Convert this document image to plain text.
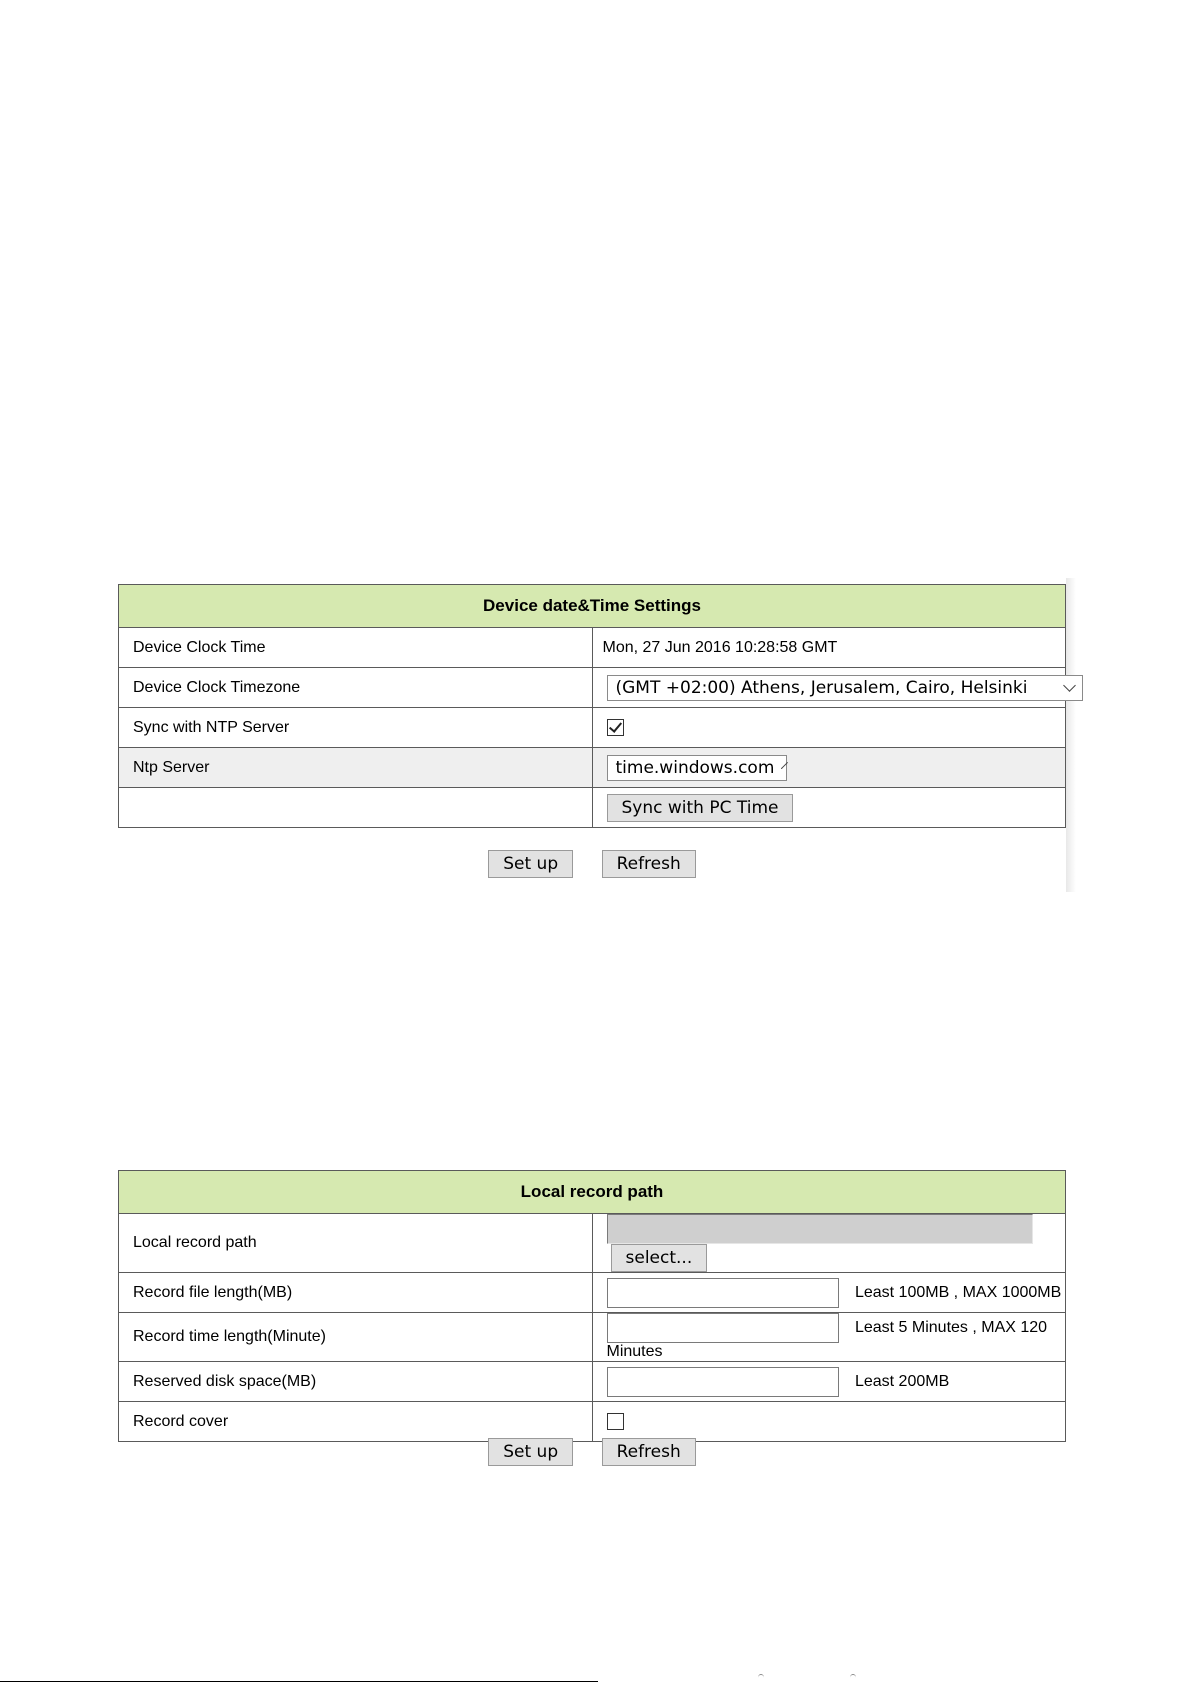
Device date&Time Settings	
Device Clock Time	Mon, 27 Jun 2016 10:28:58 GMT
Device Clock Timezone	(GMT +02:00) Athens, Jerusalem, Cairo, Helsinki

Sync with NTP Server	

Ntp Server	time.windows.com

	Sync with PC Time
Set up	Refresh
Local record path	
Local record path	select...
Record file length(MB)	Least 100MB , MAX 1000MB
Record time length(Minute)	Least 5 Minutes , MAX 120 Minutes
Reserved disk space(MB)	Least 200MB
Record cover	
Set up	Refresh
